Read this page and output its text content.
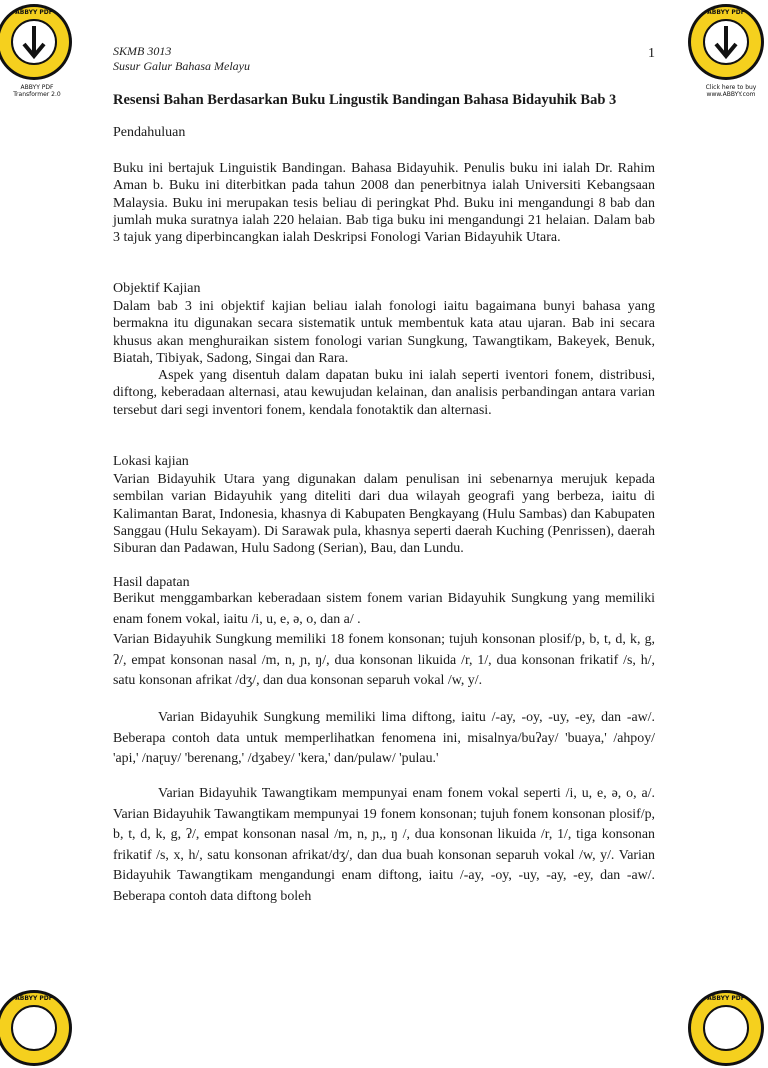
ABBYY PDF	ABBYY PDF
ABBYY PDF	ABBYY PDF
SKMB 3013
Susur Galur Bahasa Melayu
1
Resensi Bahan Berdasarkan Buku Lingustik Bandingan Bahasa Bidayuhik Bab 3
Pendahuluan
Buku ini bertajuk Linguistik Bandingan. Bahasa Bidayuhik. Penulis buku ini ialah Dr. Rahim Aman b. Buku ini diterbitkan pada tahun 2008 dan penerbitnya ialah Universiti Kebangsaan Malaysia. Buku ini merupakan tesis beliau di peringkat Phd. Buku ini mengandungi 8 bab dan jumlah muka suratnya ialah 220 helaian. Bab tiga buku ini mengandungi 21 helaian. Dalam bab 3 tajuk yang diperbincangkan ialah Deskripsi Fonologi Varian Bidayuhik Utara.
Objektif Kajian
Dalam bab 3 ini objektif kajian beliau ialah fonologi iaitu bagaimana bunyi bahasa yang bermakna itu digunakan secara sistematik untuk membentuk kata atau ujaran. Bab ini secara khusus akan menghuraikan sistem fonologi varian Sungkung, Tawangtikam, Bakeyek, Benuk, Biatah, Tibiyak, Sadong, Singai dan Rara.
Aspek yang disentuh dalam dapatan buku ini ialah seperti iventori fonem, distribusi, diftong, keberadaan alternasi, atau kewujudan kelainan, dan analisis perbandingan antara varian tersebut dari segi inventori fonem, kendala fonotaktik dan alternasi.
Lokasi kajian
Varian Bidayuhik Utara yang digunakan dalam penulisan ini sebenarnya merujuk kepada sembilan varian Bidayuhik yang diteliti dari dua wilayah geografi yang berbeza, iaitu di Kalimantan Barat, Indonesia, khasnya di Kabupaten Bengkayang (Hulu Sambas) dan Kabupaten Sanggau (Hulu Sekayam). Di Sarawak pula, khasnya seperti daerah Kuching (Penrissen), daerah Siburan dan Padawan, Hulu Sadong (Serian), Bau, dan Lundu.
Hasil dapatan
Berikut menggambarkan keberadaan sistem fonem varian Bidayuhik Sungkung yang memiliki enam fonem vokal, iaitu /i, u, e, ə, o, dan a/ .
Varian Bidayuhik Sungkung memiliki 18 fonem konsonan; tujuh konsonan plosif/p, b, t, d, k, g, ʔ/, empat konsonan nasal /m, n, ɲ, ŋ/, dua konsonan likuida /r, 1/, dua konsonan frikatif /s, h/, satu konsonan afrikat /dʒ/, dan dua konsonan separuh vokal /w, y/.
Varian Bidayuhik Sungkung memiliki lima diftong, iaitu /-ay, -oy, -uy, -ey, dan -aw/. Beberapa contoh data untuk memperlihatkan fenomena ini, misalnya/buʔay/ 'buaya,' /ahpoy/ 'api,' /naɽuy/ 'berenang,' /dʒabey/ 'kera,' dan/pulaw/ 'pulau.'
Varian Bidayuhik Tawangtikam mempunyai enam fonem vokal seperti /i, u, e, ə, o, a/. Varian Bidayuhik Tawangtikam mempunyai 19 fonem konsonan; tujuh fonem konsonan plosif/p, b, t, d, k, g, ʔ/, empat konsonan nasal /m, n, ɲ,, ŋ /, dua konsonan likuida /r, 1/, tiga konsonan frikatif /s, x, h/, satu konsonan afrikat/dʒ/, dan dua buah konsonan separuh vokal /w, y/. Varian Bidayuhik Tawangtikam mengandungi enam diftong, iaitu /-ay, -oy, -uy, -ay, -ey, dan -aw/. Beberapa contoh data diftong boleh
ABBYY PDF Transformer 2.0
Click here to buy
www.ABBYY.com
